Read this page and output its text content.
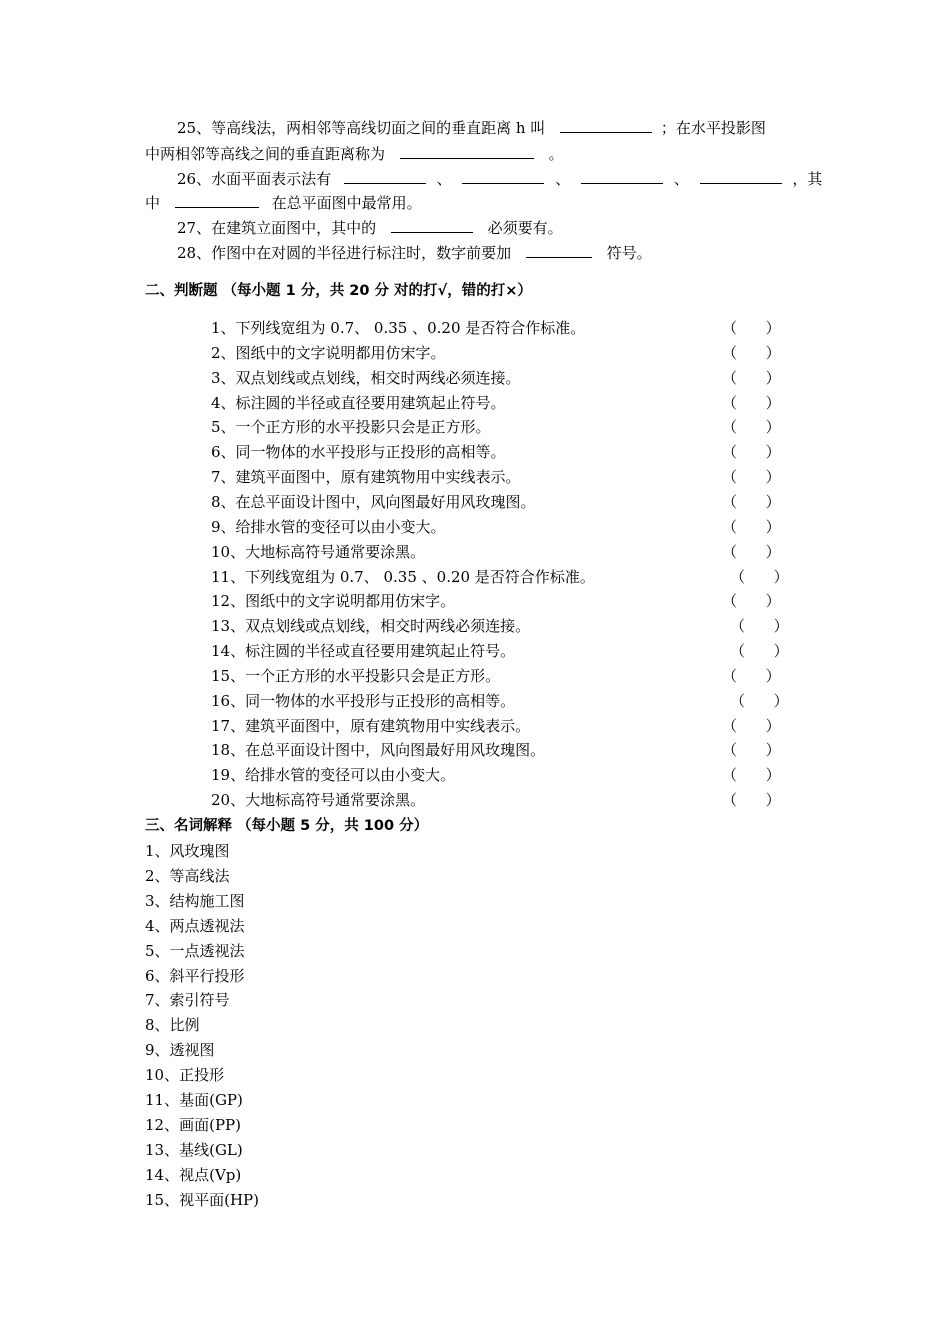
25、等高线法，两相邻等高线切面之间的垂直距离 h 叫	；在水平投影图
中两相邻等高线之间的垂直距离称为	。
26、水面平面表示法有	、	、	、	，其
中	在总平面图中最常用。
27、在建筑立面图中，其中的	必须要有。
28、作图中在对圆的半径进行标注时，数字前要加	符号。
二、判断题 （每小题 1 分，共 20 分 对的打√，错的打×）
1、下列线宽组为 0.7、 0.35 、0.20 是否符合作标准。	（      ）
2、图纸中的文字说明都用仿宋字。	（      ）
3、双点划线或点划线，相交时两线必须连接。	（      ）
4、标注圆的半径或直径要用建筑起止符号。	（      ）
5、一个正方形的水平投影只会是正方形。	（      ）
6、同一物体的水平投形与正投形的高相等。	（      ）
7、建筑平面图中，原有建筑物用中实线表示。	（      ）
8、在总平面设计图中，风向图最好用风玫瑰图。	（      ）
9、给排水管的变径可以由小变大。	（      ）
10、大地标高符号通常要涂黑。	（      ）
11、下列线宽组为 0.7、 0.35 、0.20 是否符合作标准。	（      ）
12、图纸中的文字说明都用仿宋字。	（      ）
13、双点划线或点划线，相交时两线必须连接。	（      ）
14、标注圆的半径或直径要用建筑起止符号。	（      ）
15、一个正方形的水平投影只会是正方形。	（      ）
16、同一物体的水平投形与正投形的高相等。	（      ）
17、建筑平面图中，原有建筑物用中实线表示。	（      ）
18、在总平面设计图中，风向图最好用风玫瑰图。	（      ）
19、给排水管的变径可以由小变大。	（      ）
20、大地标高符号通常要涂黑。	（      ）
三、名词解释 （每小题 5 分，共 100 分）
1、风玫瑰图
2、等高线法
3、结构施工图
4、两点透视法
5、一点透视法
6、斜平行投形
7、索引符号
8、比例
9、透视图
10、正投形
11、基面(GP)
12、画面(PP)
13、基线(GL)
14、视点(Vp)
15、视平面(HP)
